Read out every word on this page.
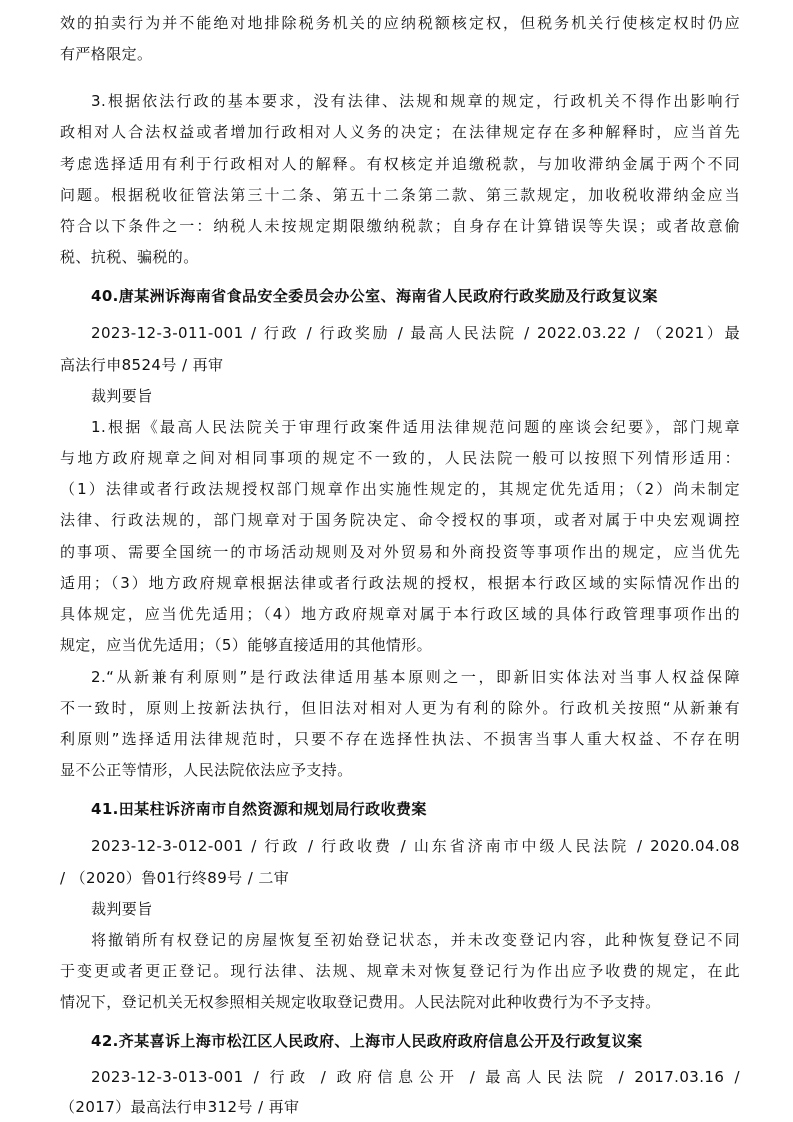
效的拍卖行为并不能绝对地排除税务机关的应纳税额核定权，但税务机关行使核定权时仍应
有严格限定。
3.根据依法行政的基本要求，没有法律、法规和规章的规定，行政机关不得作出影响行
政相对人合法权益或者增加行政相对人义务的决定；在法律规定存在多种解释时，应当首先
考虑选择适用有利于行政相对人的解释。有权核定并追缴税款，与加收滞纳金属于两个不同
问题。根据税收征管法第三十二条、第五十二条第二款、第三款规定，加收税收滞纳金应当
符合以下条件之一：纳税人未按规定期限缴纳税款；自身存在计算错误等失误；或者故意偷
税、抗税、骗税的。
40.唐某洲诉海南省食品安全委员会办公室、海南省人民政府行政奖励及行政复议案
2023-12-3-011-001 / 行政 / 行政奖励 / 最高人民法院 / 2022.03.22 / （2021）最
高法行申8524号 / 再审
裁判要旨
1.根据《最高人民法院关于审理行政案件适用法律规范问题的座谈会纪要》，部门规章
与地方政府规章之间对相同事项的规定不一致的，人民法院一般可以按照下列情形适用：
（1）法律或者行政法规授权部门规章作出实施性规定的，其规定优先适用；（2）尚未制定
法律、行政法规的，部门规章对于国务院决定、命令授权的事项，或者对属于中央宏观调控
的事项、需要全国统一的市场活动规则及对外贸易和外商投资等事项作出的规定，应当优先
适用；（3）地方政府规章根据法律或者行政法规的授权，根据本行政区域的实际情况作出的
具体规定，应当优先适用；（4）地方政府规章对属于本行政区域的具体行政管理事项作出的
规定，应当优先适用；（5）能够直接适用的其他情形。
2.“从新兼有利原则”是行政法律适用基本原则之一，即新旧实体法对当事人权益保障
不一致时，原则上按新法执行，但旧法对相对人更为有利的除外。行政机关按照“从新兼有
利原则”选择适用法律规范时，只要不存在选择性执法、不损害当事人重大权益、不存在明
显不公正等情形，人民法院依法应予支持。
41.田某柱诉济南市自然资源和规划局行政收费案
2023-12-3-012-001 / 行政 / 行政收费 / 山东省济南市中级人民法院 / 2020.04.08
/ （2020）鲁01行终89号 / 二审
裁判要旨
将撤销所有权登记的房屋恢复至初始登记状态，并未改变登记内容，此种恢复登记不同
于变更或者更正登记。现行法律、法规、规章未对恢复登记行为作出应予收费的规定，在此
情况下，登记机关无权参照相关规定收取登记费用。人民法院对此种收费行为不予支持。
42.齐某喜诉上海市松江区人民政府、上海市人民政府政府信息公开及行政复议案
2023-12-3-013-001 / 行政 / 政府信息公开 / 最高人民法院 / 2017.03.16 /
（2017）最高法行申312号 / 再审
